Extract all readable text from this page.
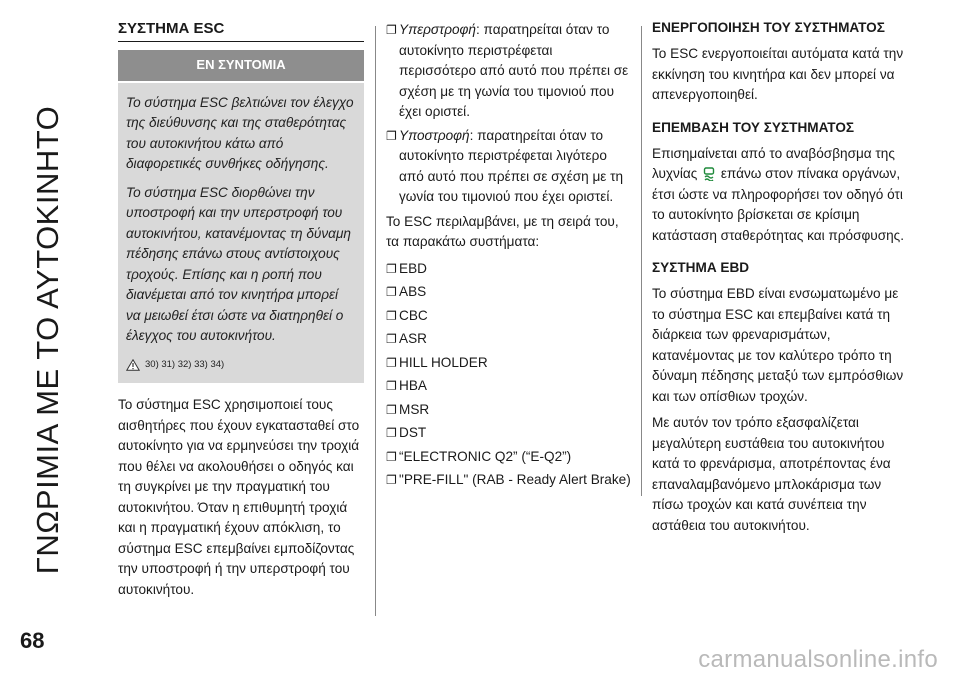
ΓΝΩΡΙΜΙΑ ΜΕ ΤΟ ΑΥΤΟΚΙΝΗΤΟ
68
carmanualsonline.info
ΣΥΣΤΗΜΑ ESC
ΕΝ ΣΥΝΤΟΜΙΑ

Το σύστημα ESC βελτιώνει τον έλεγχο της διεύθυνσης και της σταθερότητας του αυτοκινήτου κάτω από διαφορετικές συνθήκες οδήγησης.

Το σύστημα ESC διορθώνει την υποστροφή και την υπερστροφή του αυτοκινήτου, κατανέμοντας τη δύναμη πέδησης επάνω στους αντίστοιχους τροχούς. Επίσης και η ροπή που διανέμεται από τον κινητήρα μπορεί να μειωθεί έτσι ώστε να διατηρηθεί ο έλεγχος του αυτοκινήτου.

30) 31) 32) 33) 34)

Το σύστημα ESC χρησιμοποιεί τους αισθητήρες που έχουν εγκατασταθεί στο αυτοκίνητο για να ερμηνεύσει την τροχιά που θέλει να ακολουθήσει ο οδηγός και τη συγκρίνει με την πραγματική του αυτοκινήτου. Όταν η επιθυμητή τροχιά και η πραγματική έχουν απόκλιση, το σύστημα ESC επεμβαίνει εμποδίζοντας την υποστροφή ή την υπερστροφή του αυτοκινήτου.

❐ Υπερστροφή: παρατηρείται όταν το αυτοκίνητο περιστρέφεται περισσότερο από αυτό που πρέπει σε σχέση με τη γωνία του τιμονιού που έχει οριστεί.
❐ Υποστροφή: παρατηρείται όταν το αυτοκίνητο περιστρέφεται λιγότερο από αυτό που πρέπει σε σχέση με τη γωνία του τιμονιού που έχει οριστεί.

Το ESC περιλαμβάνει, με τη σειρά του, τα παρακάτω συστήματα:

❐ EBD
❐ ABS
❐ CBC
❐ ASR
❐ HILL HOLDER
❐ HBA
❐ MSR
❐ DST
❐ “ELECTRONIC Q2” (“E-Q2”)
❐ "PRE-FILL" (RAB - Ready Alert Brake)
ΕΝΕΡΓΟΠΟΙΗΣΗ ΤΟΥ ΣΥΣΤΗΜΑΤΟΣ

Το ESC ενεργοποιείται αυτόματα κατά την εκκίνηση του κινητήρα και δεν μπορεί να απενεργοποιηθεί.

ΕΠΕΜΒΑΣΗ ΤΟΥ ΣΥΣΤΗΜΑΤΟΣ

Επισημαίνεται από το αναβόσβησμα της λυχνίας επάνω στον πίνακα οργάνων, έτσι ώστε να πληροφορήσει τον οδηγό ότι το αυτοκίνητο βρίσκεται σε κρίσιμη κατάσταση σταθερότητας και πρόσφυσης.

ΣΥΣΤΗΜΑ EBD

Το σύστημα EBD είναι ενσωματωμένο με το σύστημα ESC και επεμβαίνει κατά τη διάρκεια των φρεναρισμάτων, κατανέμοντας με τον καλύτερο τρόπο τη δύναμη πέδησης μεταξύ των εμπρόσθιων και των οπίσθιων τροχών.

Με αυτόν τον τρόπο εξασφαλίζεται μεγαλύτερη ευστάθεια του αυτοκινήτου κατά το φρενάρισμα, αποτρέποντας ένα επαναλαμβανόμενο μπλοκάρισμα των πίσω τροχών και κατά συνέπεια την αστάθεια του αυτοκινήτου.
